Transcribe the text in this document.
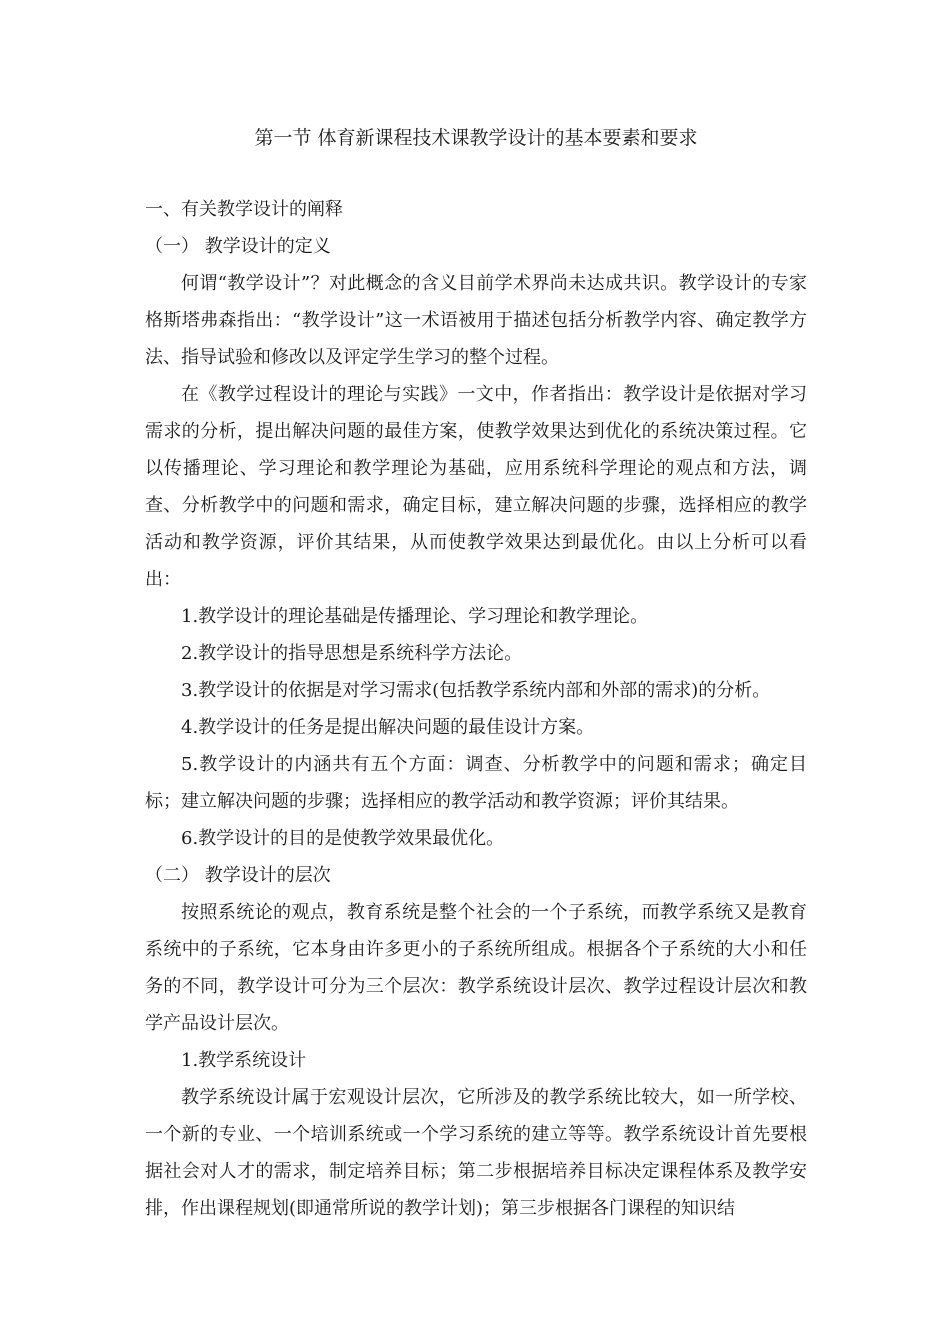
第一节 体育新课程技术课教学设计的基本要素和要求

一、有关教学设计的阐释

（一） 教学设计的定义

何谓“教学设计”？对此概念的含义目前学术界尚未达成共识。教学设计的专家格斯塔弗森指出：“教学设计”这一术语被用于描述包括分析教学内容、确定教学方法、指导试验和修改以及评定学生学习的整个过程。

在《教学过程设计的理论与实践》一文中，作者指出：教学设计是依据对学习需求的分析，提出解决问题的最佳方案，使教学效果达到优化的系统决策过程。它以传播理论、学习理论和教学理论为基础，应用系统科学理论的观点和方法，调查、分析教学中的问题和需求，确定目标，建立解决问题的步骤，选择相应的教学活动和教学资源，评价其结果，从而使教学效果达到最优化。由以上分析可以看出：

1.教学设计的理论基础是传播理论、学习理论和教学理论。

2.教学设计的指导思想是系统科学方法论。

3.教学设计的依据是对学习需求(包括教学系统内部和外部的需求)的分析。

4.教学设计的任务是提出解决问题的最佳设计方案。

5.教学设计的内涵共有五个方面：调查、分析教学中的问题和需求；确定目标；建立解决问题的步骤；选择相应的教学活动和教学资源；评价其结果。

6.教学设计的目的是使教学效果最优化。

（二） 教学设计的层次

按照系统论的观点，教育系统是整个社会的一个子系统，而教学系统又是教育系统中的子系统，它本身由许多更小的子系统所组成。根据各个子系统的大小和任务的不同，教学设计可分为三个层次：教学系统设计层次、教学过程设计层次和教学产品设计层次。

1.教学系统设计

教学系统设计属于宏观设计层次，它所涉及的教学系统比较大，如一所学校、一个新的专业、一个培训系统或一个学习系统的建立等等。教学系统设计首先要根据社会对人才的需求，制定培养目标；第二步根据培养目标决定课程体系及教学安排，作出课程规划(即通常所说的教学计划)；第三步根据各门课程的知识结
